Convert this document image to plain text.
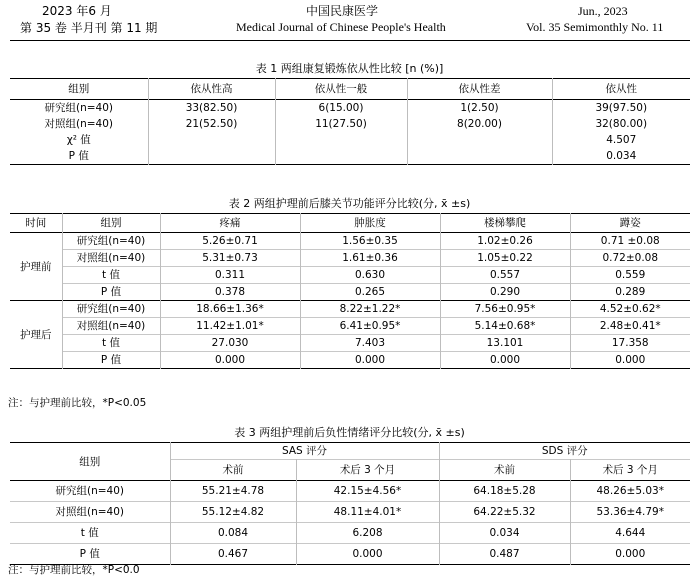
2023 年6 月
第 35 卷 半月刊 第 11 期
中国民康医学
Medical Journal of Chinese People's Health
Jun., 2023
Vol. 35 Semimonthly No. 11
表 1 两组康复锻炼依从性比较 [n (%)]
组别	依从性高	依从性一般	依从性差	依从性
研究组(n=40)	33(82.50)	6(15.00)	1(2.50)	39(97.50)
对照组(n=40)	21(52.50)	11(27.50)	8(20.00)	32(80.00)
χ² 值				4.507
P 值				0.034
表 2 两组护理前后膝关节功能评分比较(分, x̄ ±s)
时间	组别	疼痛	肿胀度	楼梯攀爬	蹲姿
护理前	研究组(n=40)	5.26±0.71	1.56±0.35	1.02±0.26	0.71 ±0.08
	对照组(n=40)	5.31±0.73	1.61±0.36	1.05±0.22	0.72±0.08
	t 值	0.311	0.630	0.557	0.559
	P 值	0.378	0.265	0.290	0.289
护理后	研究组(n=40)	18.66±1.36*	8.22±1.22*	7.56±0.95*	4.52±0.62*
	对照组(n=40)	11.42±1.01*	6.41±0.95*	5.14±0.68*	2.48±0.41*
	t 值	27.030	7.403	13.101	17.358
	P 值	0.000	0.000	0.000	0.000
注：与护理前比较，*P<0.05
表 3 两组护理前后负性情绪评分比较(分, x̄ ±s)
组别	SAS 评分		SDS 评分	
	术前	术后 3 个月	术前	术后 3 个月
研究组(n=40)	55.21±4.78	42.15±4.56*	64.18±5.28	48.26±5.03*
对照组(n=40)	55.12±4.82	48.11±4.01*	64.22±5.32	53.36±4.79*
t 值	0.084	6.208	0.034	4.644
P 值	0.467	0.000	0.487	0.000
注：与护理前比较，*P<0.0
